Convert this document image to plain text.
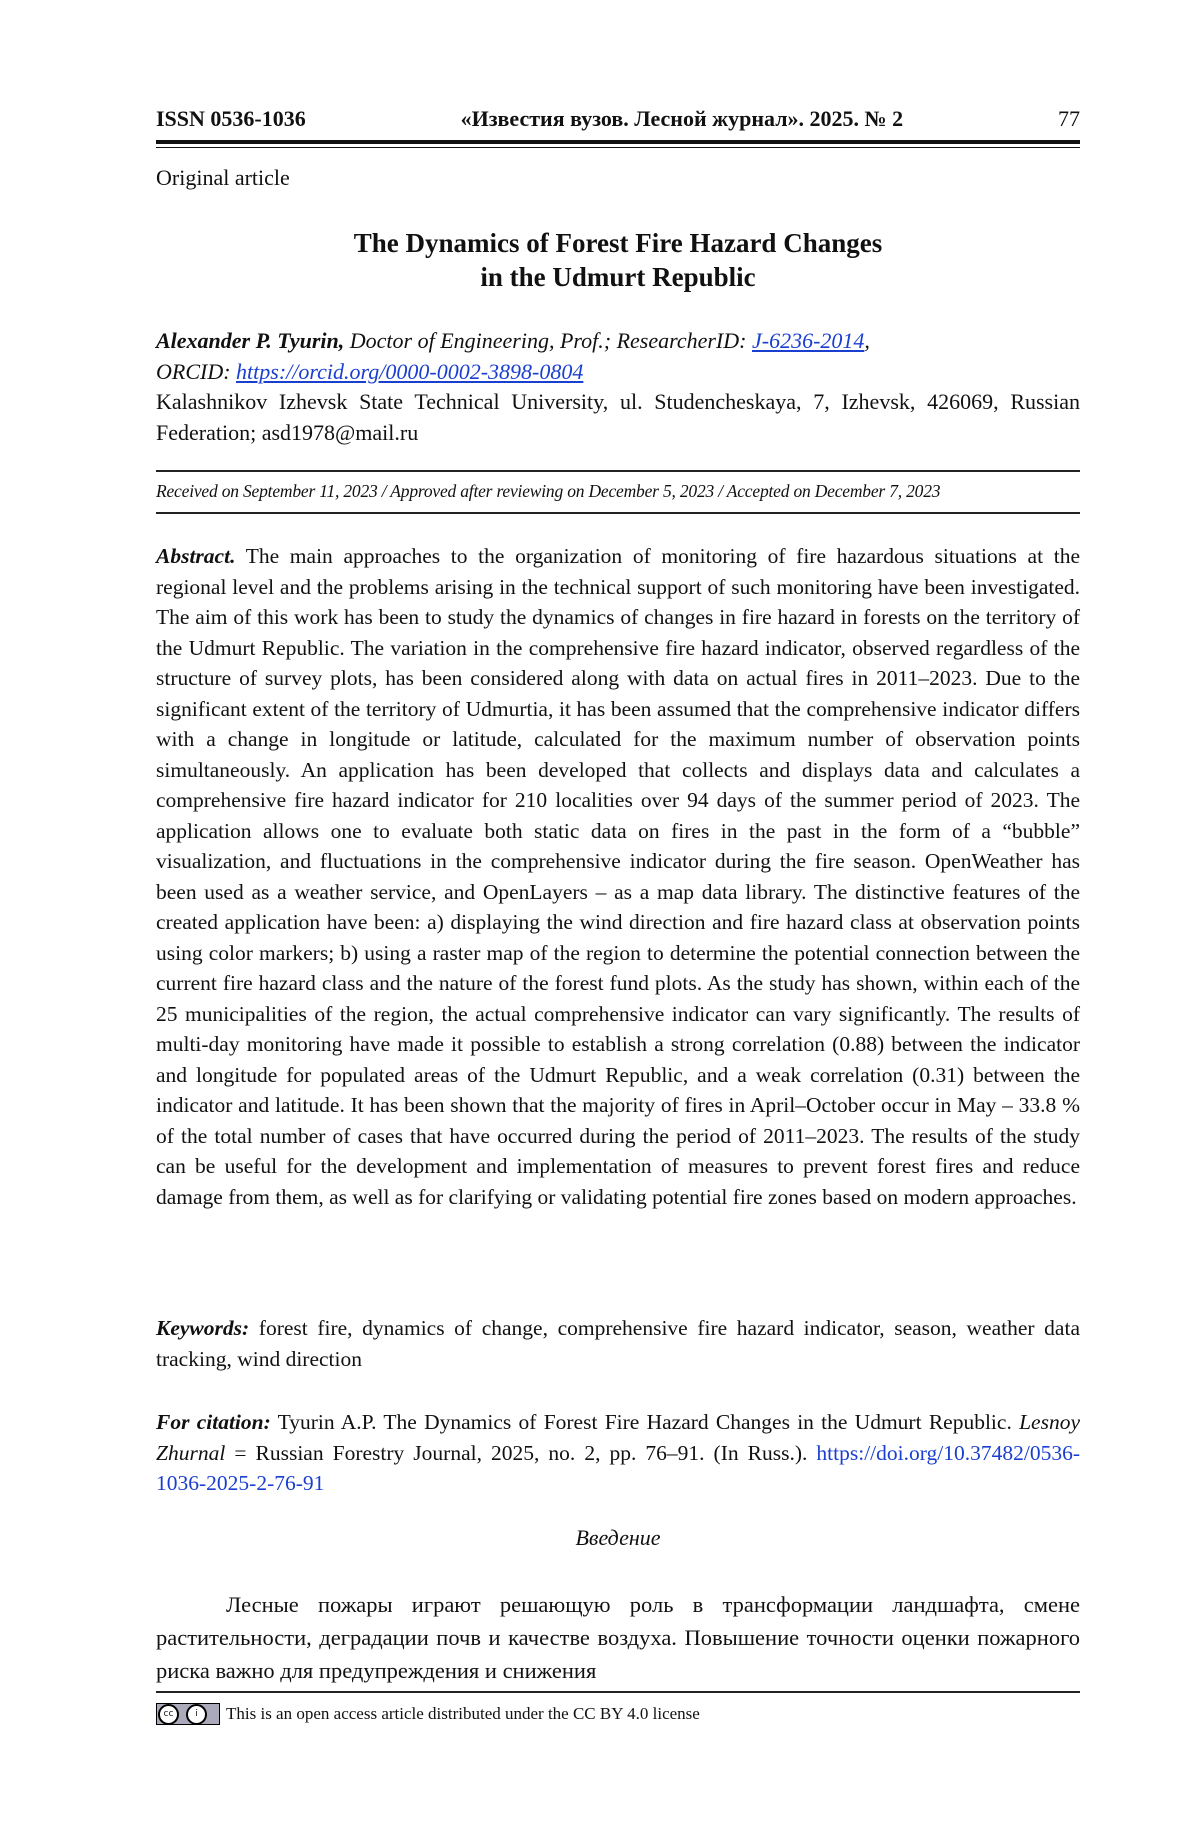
ISSN 0536-1036	«Известия вузов. Лесной журнал». 2025. № 2	77
Original article
The Dynamics of Forest Fire Hazard Changes
in the Udmurt Republic
Alexander P. Tyurin, Doctor of Engineering, Prof.; ResearcherID: J-6236-2014,
ORCID: https://orcid.org/0000-0002-3898-0804
Kalashnikov Izhevsk State Technical University, ul. Studencheskaya, 7, Izhevsk, 426069, Russian Federation; asd1978@mail.ru
Received on September 11, 2023 / Approved after reviewing on December 5, 2023 / Accepted on December 7, 2023
Abstract. The main approaches to the organization of monitoring of fire hazardous situations at the regional level and the problems arising in the technical support of such monitoring have been investigated. The aim of this work has been to study the dynamics of changes in fire hazard in forests on the territory of the Udmurt Republic. The variation in the comprehensive fire hazard indicator, observed regardless of the structure of survey plots, has been considered along with data on actual fires in 2011–2023. Due to the significant extent of the territory of Udmurtia, it has been assumed that the comprehensive indicator differs with a change in longitude or latitude, calculated for the maximum number of observation points simultaneously. An application has been developed that collects and displays data and calculates a comprehensive fire hazard indicator for 210 localities over 94 days of the summer period of 2023. The application allows one to evaluate both static data on fires in the past in the form of a “bubble” visualization, and fluctuations in the comprehensive indicator during the fire season. OpenWeather has been used as a weather service, and OpenLayers – as a map data library. The distinctive features of the created application have been: a) displaying the wind direction and fire hazard class at observation points using color markers; b) using a raster map of the region to determine the potential connection between the current fire hazard class and the nature of the forest fund plots. As the study has shown, within each of the 25 municipalities of the region, the actual comprehensive indicator can vary significantly. The results of multi-day monitoring have made it possible to establish a strong correlation (0.88) between the indicator and longitude for populated areas of the Udmurt Republic, and a weak correlation (0.31) between the indicator and latitude. It has been shown that the majority of fires in April–October occur in May – 33.8 % of the total number of cases that have occurred during the period of 2011–2023. The results of the study can be useful for the development and implementation of measures to prevent forest fires and reduce damage from them, as well as for clarifying or validating potential fire zones based on modern approaches.
Keywords: forest fire, dynamics of change, comprehensive fire hazard indicator, season, weather data tracking, wind direction
For citation: Tyurin A.P. The Dynamics of Forest Fire Hazard Changes in the Udmurt Republic. Lesnoy Zhurnal = Russian Forestry Journal, 2025, no. 2, pp. 76–91. (In Russ.). https://doi.org/10.37482/0536-1036-2025-2-76-91
Введение
Лесные пожары играют решающую роль в трансформации ландшафта, смене растительности, деградации почв и качестве воздуха. Повышение точности оценки пожарного риска важно для предупреждения и снижения
cc	i	This is an open access article distributed under the CC BY 4.0 license
